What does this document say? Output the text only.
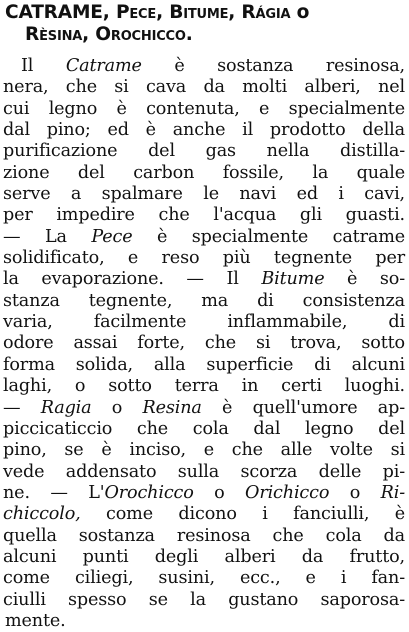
CATRAME, Pece, Bitume, Rágia o
Rèsina, Orochicco.
Il Catrame è sostanza resinosa,
nera, che si cava da molti alberi, nel
cui legno è contenuta, e specialmente
dal pino; ed è anche il prodotto della
purificazione del gas nella distilla-
zione del carbon fossile, la quale
serve a spalmare le navi ed i cavi,
per impedire che l'acqua gli guasti.
— La Pece è specialmente catrame
solidificato, e reso più tegnente per
la evaporazione. — Il Bitume è so-
stanza tegnente, ma di consistenza
varia, facilmente inflammabile, di
odore assai forte, che si trova, sotto
forma solida, alla superficie di alcuni
laghi, o sotto terra in certi luoghi.
— Ragia o Resina è quell'umore ap-
piccicaticcio che cola dal legno del
pino, se è inciso, e che alle volte si
vede addensato sulla scorza delle pi-
ne. — L'Orochicco o Orichicco o Ri-
chiccolo, come dicono i fanciulli, è
quella sostanza resinosa che cola da
alcuni punti degli alberi da frutto,
come ciliegi, susini, ecc., e i fan-
ciulli spesso se la gustano saporosa-
mente.
